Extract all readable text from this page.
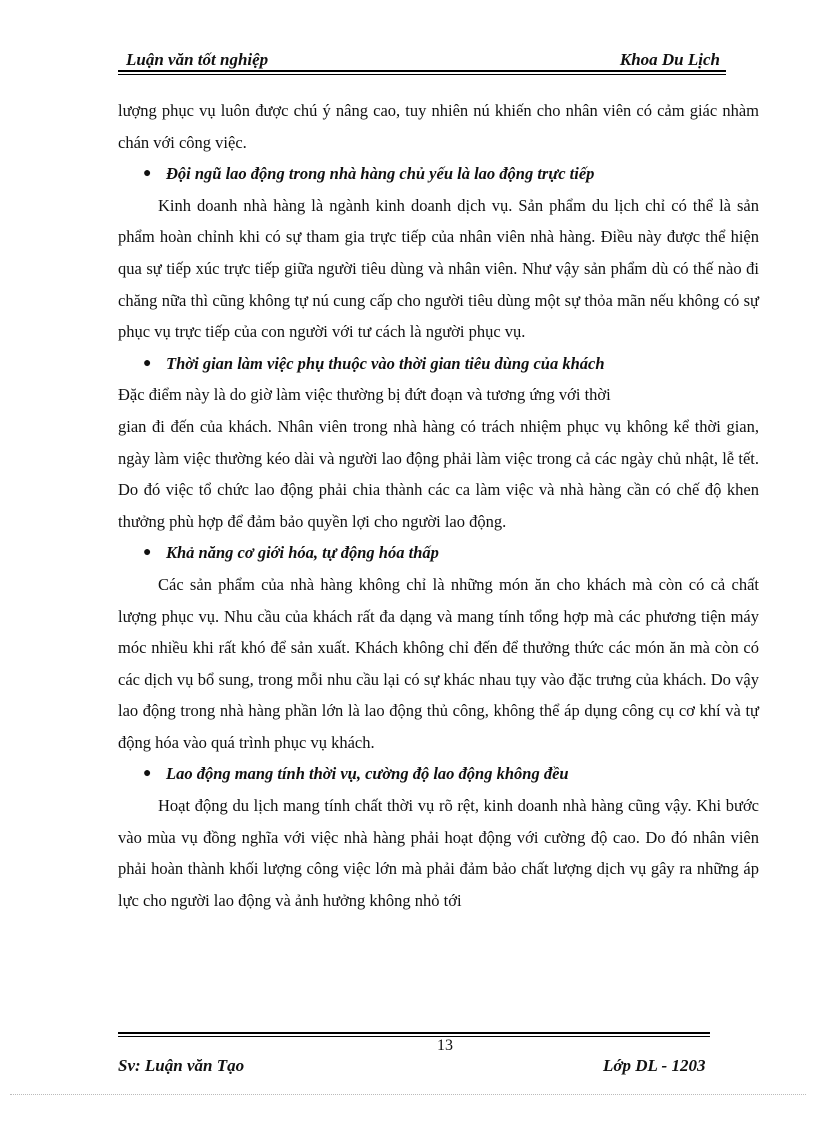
Luận văn tốt nghiệp	Khoa Du Lịch

lượng phục vụ luôn được chú ý nâng cao, tuy nhiên nú khiến cho nhân viên có cảm giác nhàm chán với công việc.

● Đội ngũ lao động trong nhà hàng chủ yếu là lao động trực tiếp

Kinh doanh nhà hàng là ngành kinh doanh dịch vụ. Sản phẩm du lịch chỉ có thể là sản phẩm hoàn chỉnh khi có sự tham gia trực tiếp của nhân viên nhà hàng. Điều này được thể hiện qua sự tiếp xúc trực tiếp giữa người tiêu dùng và nhân viên. Như vậy sản phẩm dù có thế nào đi chăng nữa thì cũng không tự nú cung cấp cho người tiêu dùng một sự thỏa mãn nếu không có sự phục vụ trực tiếp của con người với tư cách là người phục vụ.

● Thời gian làm việc phụ thuộc vào thời gian tiêu dùng của khách

Đặc điểm này là do giờ làm việc thường bị đứt đoạn và tương ứng với thời

gian đi đến của khách. Nhân viên trong nhà hàng có trách nhiệm phục vụ không kể thời gian, ngày làm việc thường kéo dài và người lao động phải làm việc trong cả các ngày chủ nhật, lễ tết. Do đó việc tổ chức lao động phải chia thành các ca làm việc và nhà hàng cần có chế độ khen thưởng phù hợp để đảm bảo quyền lợi cho người lao động.

● Khả năng cơ giới hóa, tự động hóa thấp

Các sản phẩm của nhà hàng không chỉ là những món ăn cho khách mà còn có cả chất lượng phục vụ. Nhu cầu của khách rất đa dạng và mang tính tổng hợp mà các phương tiện máy móc nhiều khi rất khó để sản xuất. Khách không chỉ đến để thưởng thức các món ăn mà còn có các dịch vụ bổ sung, trong mỗi nhu cầu lại có sự khác nhau tụy vào đặc trưng của khách. Do vậy lao động trong nhà hàng phần lớn là lao động thủ công, không thể áp dụng công cụ cơ khí và tự động hóa vào quá trình phục vụ khách.

● Lao động mang tính thời vụ, cường độ lao động không đều

Hoạt động du lịch mang tính chất thời vụ rõ rệt, kinh doanh nhà hàng cũng vậy. Khi bước vào mùa vụ đồng nghĩa với việc nhà hàng phải hoạt động với cường độ cao. Do đó nhân viên phải hoàn thành khối lượng công việc lớn mà phải đảm bảo chất lượng dịch vụ gây ra những áp lực cho người lao động và ảnh hưởng không nhỏ tới

13
Sv: Luận văn Tạo	Lớp DL - 1203
